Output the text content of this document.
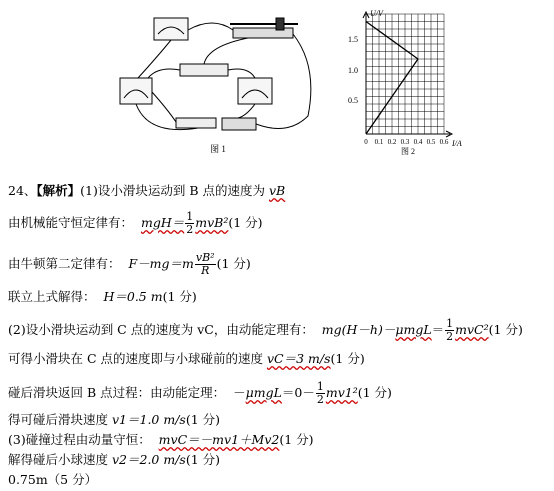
图 1
U/V
I/A
1.5
1.0
0.5
0 0.1 0.2 0.3 0.4 0.5 0.6
图 2
24、【解析】(1)设小滑块运动到 B 点的速度为 vB
由机械能守恒定律有： $mgH= \frac{1}{2} mvB^2(1$ 分)
由牛顿第二定律有： $F-mg=m \frac{\text{vB²}}{R} (1$ 分)
联立上式解得： H＝0.5 m(1 分)
(2)设小滑块运动到 C 点的速度为 vC，由动能定理有： $mg(H-h)-\mu mgL= \frac{1}{2} mvC^2(1$ 分)
可得小滑块在 C 点的速度即与小球碰前的速度 vC＝3 m/s(1 分)
碰后滑块返回 B 点过程：由动能定理： $-\mu mgL=0- \frac{1}{2} mv1^2(1$ 分)
得可碰后滑块速度 v1＝1.0 m/s(1 分)
(3)碰撞过程由动量守恒： mvC＝－mv1＋Mv2(1 分)
解得碰后小球速度 v2＝2.0 m/s(1 分)
0.75m（5 分）
